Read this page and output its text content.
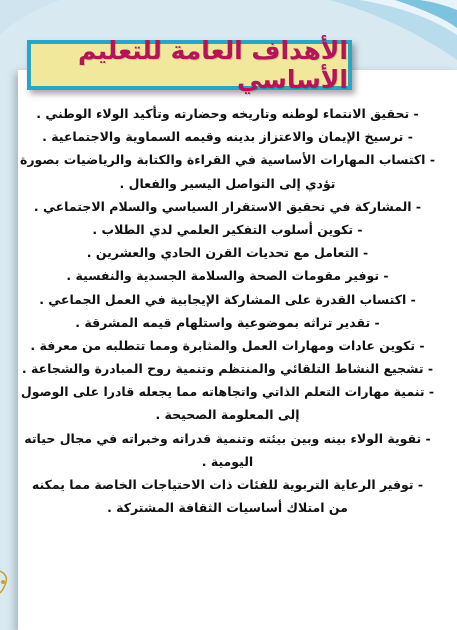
الأهداف العامة للتعليم الأساسي
- تحقيق الانتماء لوطنه وتاريخه وحضارته وتأكيد الولاء الوطني .
- ترسيخ الإيمان والاعتزاز بدينه وقيمه السماوية والاجتماعية .
- اكتساب المهارات الأساسية في القراءة والكتابة والرياضيات بصورة
تؤدي إلى التواصل اليسير والفعال .
- المشاركة في تحقيق الاستقرار السياسي والسلام الاجتماعي .
- تكوين أسلوب التفكير العلمي لدي الطلاب .
- التعامل مع تحديات القرن الحادي والعشرين .
- توفير مقومات الصحة والسلامة الجسدية والنفسية .
- اكتساب القدرة على المشاركة الإيجابية في العمل الجماعي .
- تقدير تراثه بموضوعية واستلهام قيمه المشرقة .
- تكوين عادات ومهارات العمل والمثابرة ومما تتطلبه من معرفة .
- تشجيع النشاط التلقائي والمنتظم وتنمية روح المبادرة والشجاعة .
- تنمية مهارات التعلم الذاتي واتجاهاته مما يجعله قادرا على الوصول
إلى المعلومة الصحيحة .
- تقوية الولاء بينه وبين بيئته وتنمية قدراته وخبراته في مجال حياته
اليومية .
- توفير الرعاية التربوية للفئات ذات الاحتياجات الخاصة مما يمكنه
من امتلاك أساسيات الثقافة المشتركة .
